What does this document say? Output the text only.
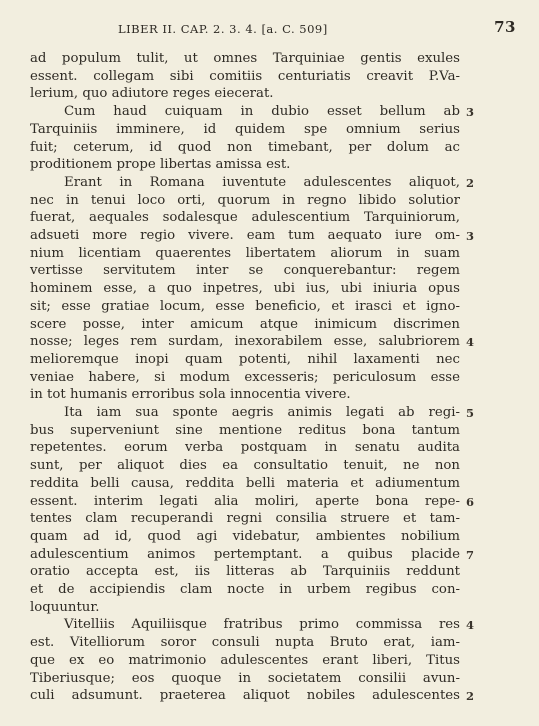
LIBER II. CAP. 2. 3. 4. [a. C. 509]	73
ad populum tulit, ut omnes Tarquiniae gentis exules
essent. collegam sibi comitiis centuriatis creavit P.Va-
lerium, quo adiutore reges eiecerat.
Cum haud cuiquam in dubio esset bellum ab
Tarquiniis imminere, id quidem spe omnium serius
fuit; ceterum, id quod non timebant, per dolum ac
proditionem prope libertas amissa est.
Erant in Romana iuventute adulescentes aliquot,
nec in tenui loco orti, quorum in regno libido solutior
fuerat, aequales sodalesque adulescentium Tarquiniorum,
adsueti more regio vivere. eam tum aequato iure om-
nium licentiam quaerentes libertatem aliorum in suam
vertisse servitutem inter se conquerebantur: regem
hominem esse, a quo inpetres, ubi ius, ubi iniuria opus
sit; esse gratiae locum, esse beneficio, et irasci et igno-
scere posse, inter amicum atque inimicum discrimen
nosse; leges rem surdam, inexorabilem esse, salubriorem
melioremque inopi quam potenti, nihil laxamenti nec
veniae habere, si modum excesseris; periculosum esse
in tot humanis erroribus sola innocentia vivere.
Ita iam sua sponte aegris animis legati ab regi-
bus superveniunt sine mentione reditus bona tantum
repetentes. eorum verba postquam in senatu audita
sunt, per aliquot dies ea consultatio tenuit, ne non
reddita belli causa, reddita belli materia et adiumentum
essent. interim legati alia moliri, aperte bona repe-
tentes clam recuperandi regni consilia struere et tam-
quam ad id, quod agi videbatur, ambientes nobilium
adulescentium animos pertemptant. a quibus placide
oratio accepta est, iis litteras ab Tarquiniis reddunt
et de accipiendis clam nocte in urbem regibus con-
loquuntur.
Vitelliis Aquiliisque fratribus primo commissa res
est. Vitelliorum soror consuli nupta Bruto erat, iam-
que ex eo matrimonio adulescentes erant liberi, Titus
Tiberiusque; eos quoque in societatem consilii avun-
culi adsumunt. praeterea aliquot nobiles adulescentes
3
2
3
4
5
6
7
4
2
